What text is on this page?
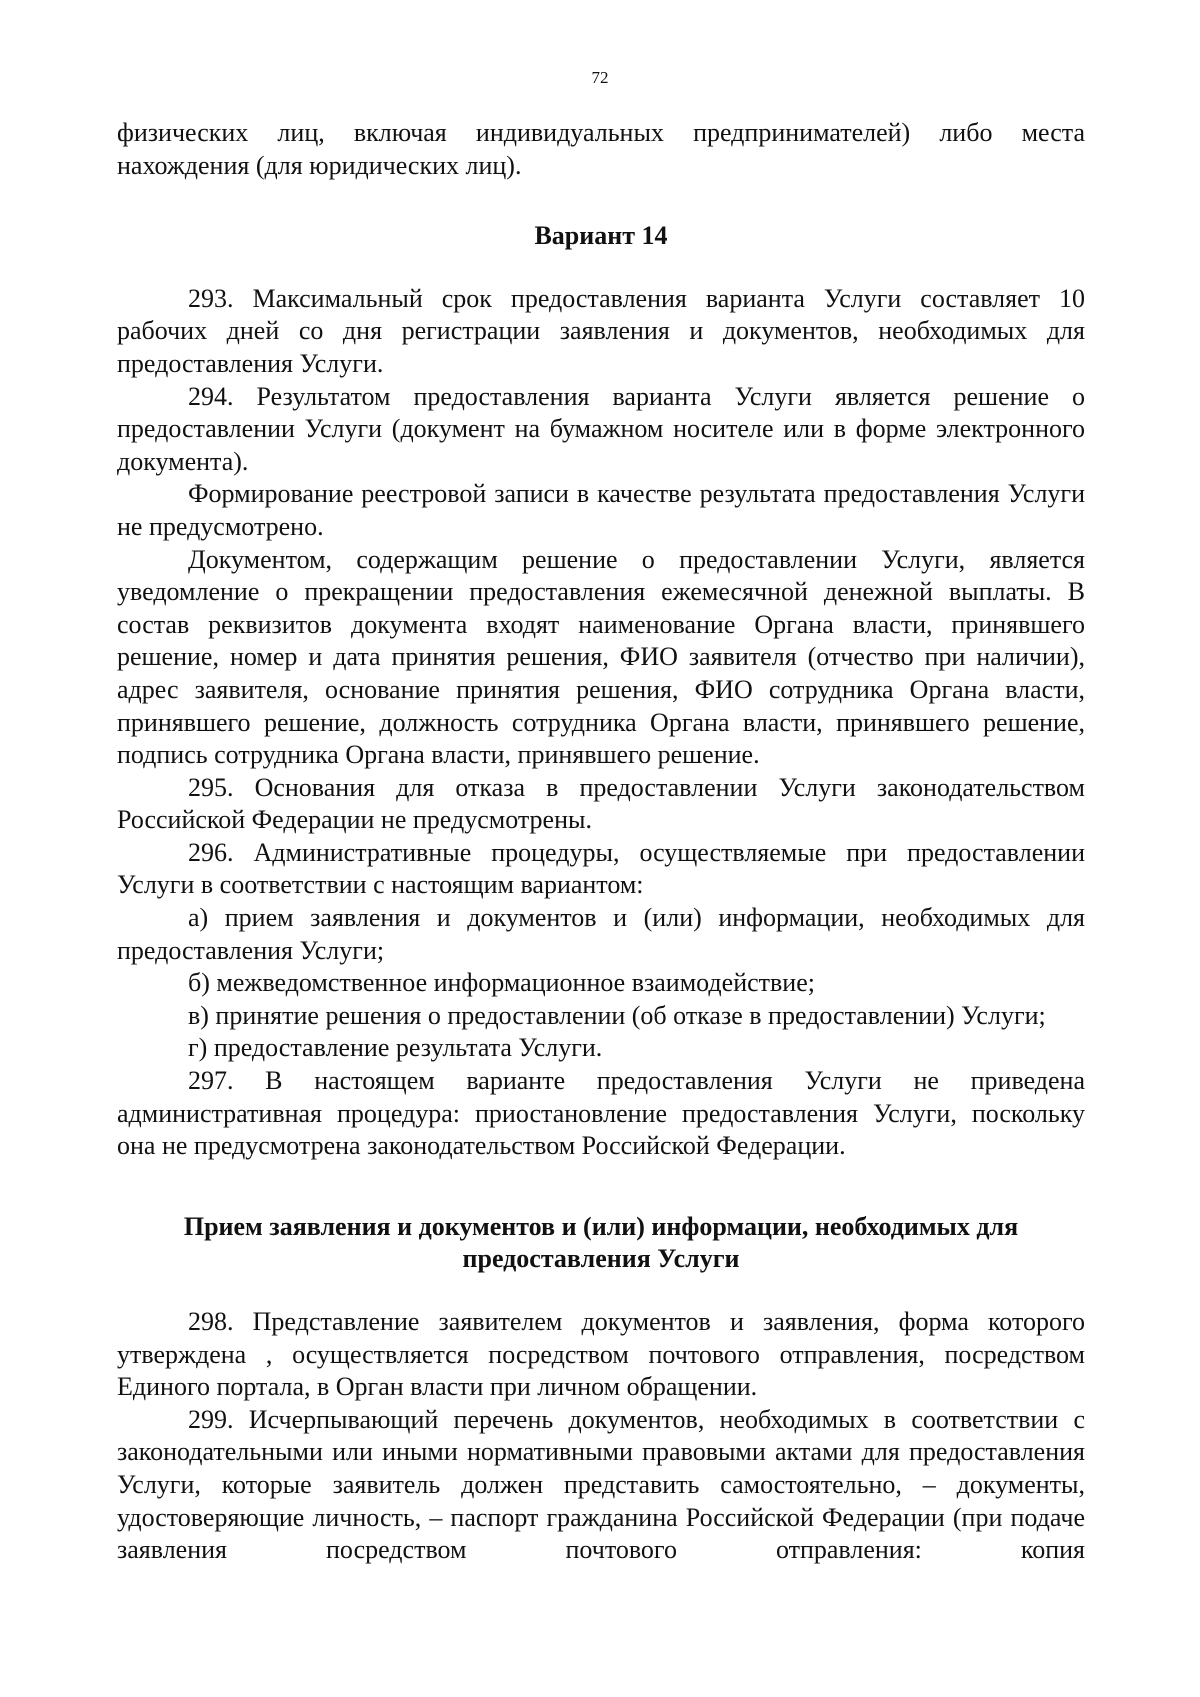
72

физических лиц, включая индивидуальных предпринимателей) либо места нахождения (для юридических лиц).

Вариант 14

293. Максимальный срок предоставления варианта Услуги составляет 10 рабочих дней со дня регистрации заявления и документов, необходимых для предоставления Услуги.

294. Результатом предоставления варианта Услуги является решение о предоставлении Услуги (документ на бумажном носителе или в форме электронного документа).

Формирование реестровой записи в качестве результата предоставления Услуги не предусмотрено.

Документом, содержащим решение о предоставлении Услуги, является уведомление о прекращении предоставления ежемесячной денежной выплаты. В состав реквизитов документа входят наименование Органа власти, принявшего решение, номер и дата принятия решения, ФИО заявителя (отчество при наличии), адрес заявителя, основание принятия решения, ФИО сотрудника Органа власти, принявшего решение, должность сотрудника Органа власти, принявшего решение, подпись сотрудника Органа власти, принявшего решение.

295. Основания для отказа в предоставлении Услуги законодательством Российской Федерации не предусмотрены.

296. Административные процедуры, осуществляемые при предоставлении Услуги в соответствии с настоящим вариантом:

а) прием заявления и документов и (или) информации, необходимых для предоставления Услуги;

б) межведомственное информационное взаимодействие;

в) принятие решения о предоставлении (об отказе в предоставлении) Услуги;

г) предоставление результата Услуги.

297. В настоящем варианте предоставления Услуги не приведена административная процедура: приостановление предоставления Услуги, поскольку она не предусмотрена законодательством Российской Федерации.

Прием заявления и документов и (или) информации, необходимых для предоставления Услуги

298. Представление заявителем документов и заявления, форма которого утверждена , осуществляется посредством почтового отправления, посредством Единого портала, в Орган власти при личном обращении.

299. Исчерпывающий перечень документов, необходимых в соответствии с законодательными или иными нормативными правовыми актами для предоставления Услуги, которые заявитель должен представить самостоятельно, – документы, удостоверяющие личность, – паспорт гражданина Российской Федерации (при подаче заявления посредством почтового отправления: копия
